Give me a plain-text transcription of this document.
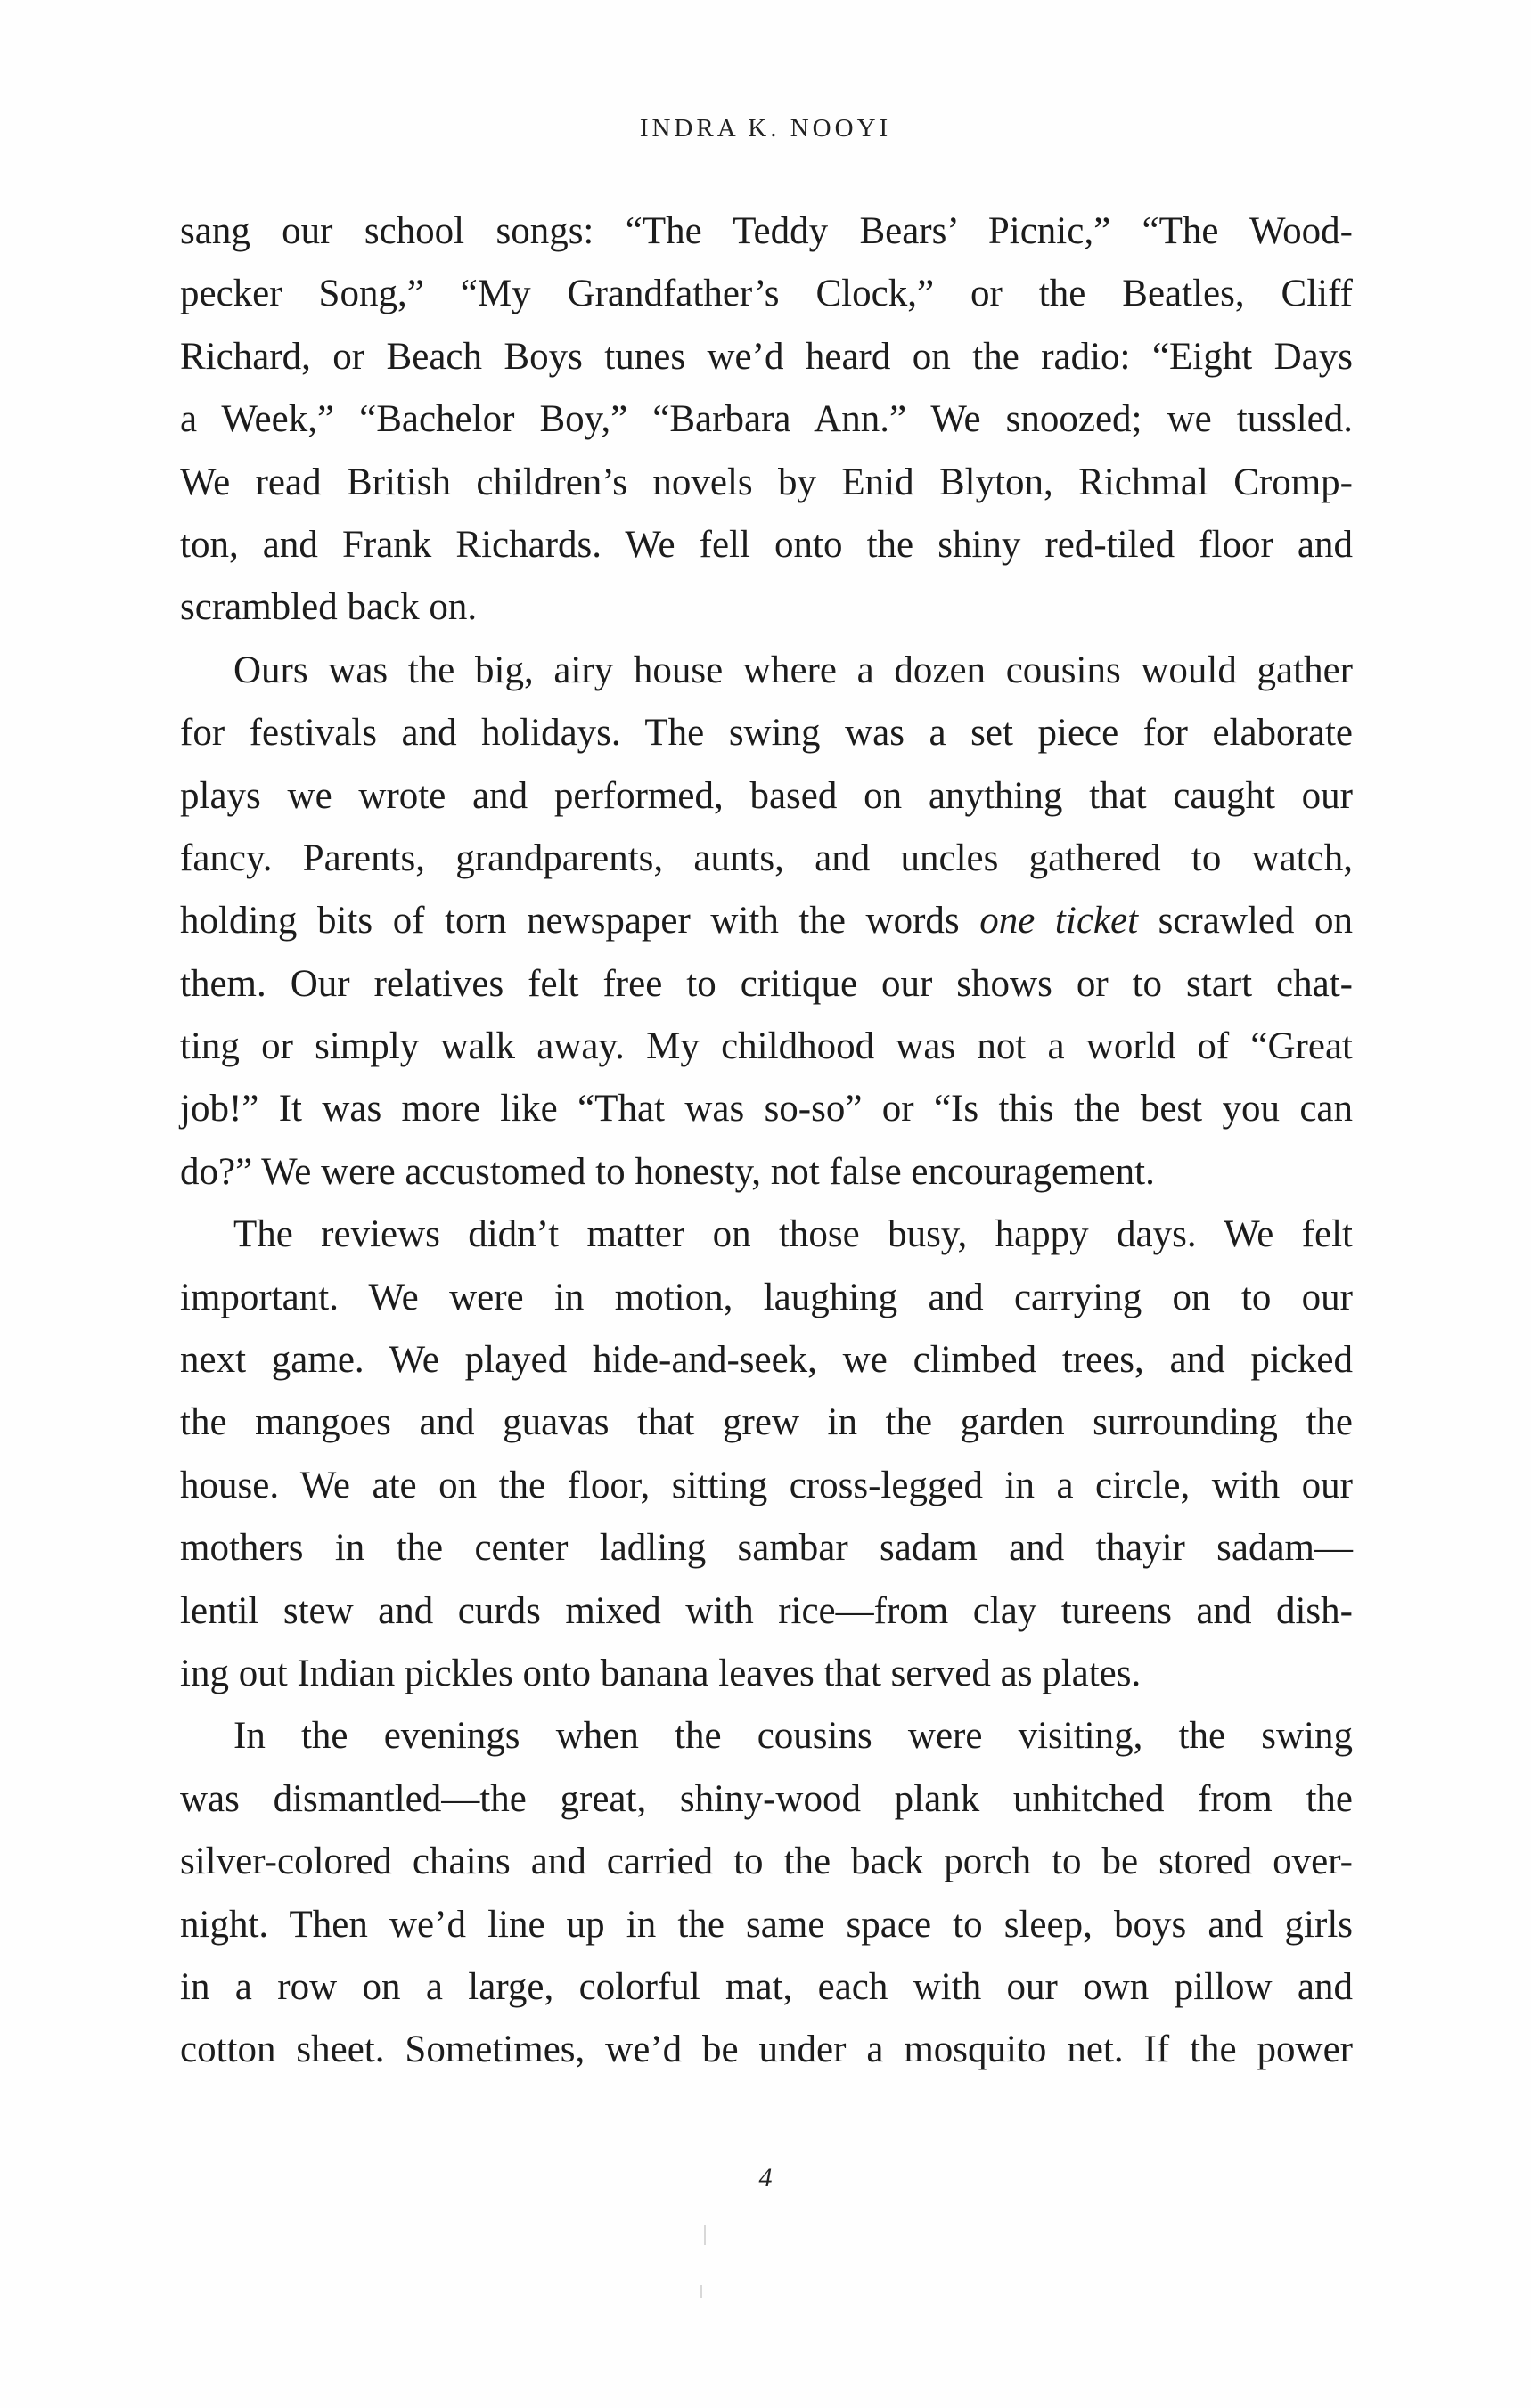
INDRA K. NOOYI
sang our school songs: “The Teddy Bears’ Picnic,” “The Wood-
pecker Song,” “My Grandfather’s Clock,” or the Beatles, Cliff
Richard, or Beach Boys tunes we’d heard on the radio: “Eight Days
a Week,” “Bachelor Boy,” “Barbara Ann.” We snoozed; we tussled.
We read British children’s novels by Enid Blyton, Richmal Cromp-
ton, and Frank Richards. We fell onto the shiny red-tiled floor and
scrambled back on.
Ours was the big, airy house where a dozen cousins would gather
for festivals and holidays. The swing was a set piece for elaborate
plays we wrote and performed, based on anything that caught our
fancy. Parents, grandparents, aunts, and uncles gathered to watch,
holding bits of torn newspaper with the words one ticket scrawled on
them. Our relatives felt free to critique our shows or to start chat-
ting or simply walk away. My childhood was not a world of “Great
job!” It was more like “That was so-so” or “Is this the best you can
do?” We were accustomed to honesty, not false encouragement.
The reviews didn’t matter on those busy, happy days. We felt
important. We were in motion, laughing and carrying on to our
next game. We played hide-and-seek, we climbed trees, and picked
the mangoes and guavas that grew in the garden surrounding the
house. We ate on the floor, sitting cross-legged in a circle, with our
mothers in the center ladling sambar sadam and thayir sadam—
lentil stew and curds mixed with rice—from clay tureens and dish-
ing out Indian pickles onto banana leaves that served as plates.
In the evenings when the cousins were visiting, the swing
was dismantled—the great, shiny-wood plank unhitched from the
silver-colored chains and carried to the back porch to be stored over-
night. Then we’d line up in the same space to sleep, boys and girls
in a row on a large, colorful mat, each with our own pillow and
cotton sheet. Sometimes, we’d be under a mosquito net. If the power
4
